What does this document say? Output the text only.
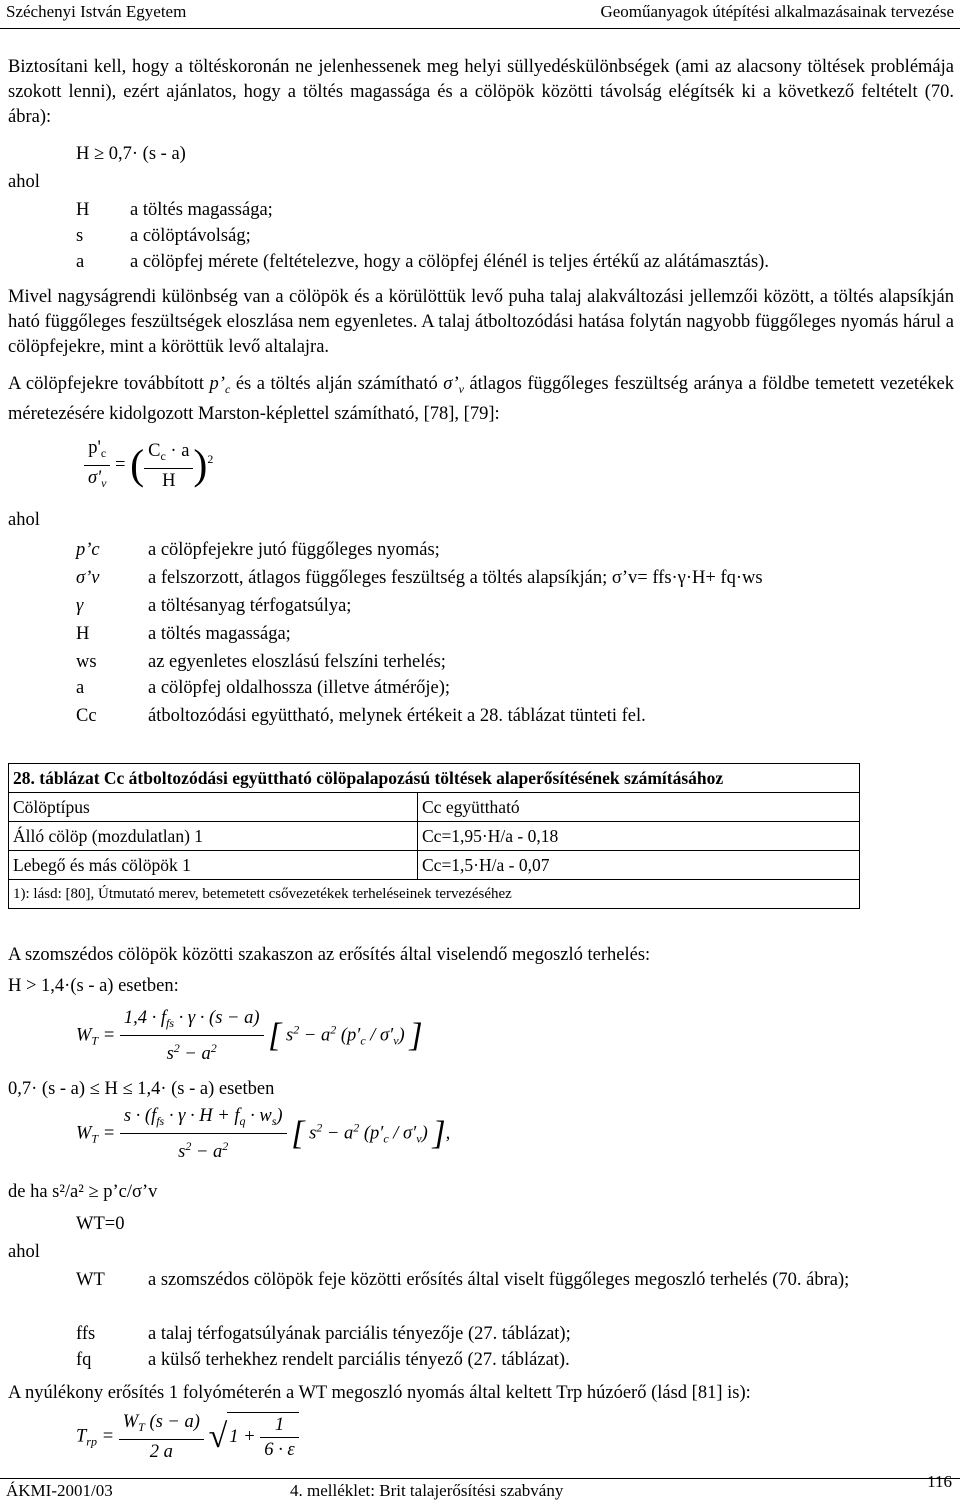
Széchenyi István Egyetem	Geoműanyagok útépítési alkalmazásainak tervezése
Biztosítani kell, hogy a töltéskoronán ne jelenhessenek meg helyi süllyedéskülönbségek (ami az alacsony töltések problémája szokott lenni), ezért ajánlatos, hogy a töltés magassága és a cölöpök közötti távolság elégítsék ki a következő feltételt (70. ábra):
H ≥ 0,7· (s - a)
ahol
H a töltés magassága;
s	a cölöptávolság;
a a cölöpfej mérete (feltételezve, hogy a cölöpfej élénél is teljes értékű az alátámasztás).
Mivel nagyságrendi különbség van a cölöpök és a körülöttük levő puha talaj alakváltozási jellemzői között, a töltés alapsíkján ható függőleges feszültségek eloszlása nem egyenletes. A talaj átboltozódási hatása folytán nagyobb függőleges nyomás hárul a cölöpfejekre, mint a köröttük levő altalajra.
A cölöpfejekre továbbított $p’_c$ és a töltés alján számítható $\sigma’_v$ átlagos függőleges feszültség aránya a földbe temetett vezetékek méretezésére kidolgozott Marston-képlettel számítható, [78], [79]:
$\frac{p'_c}{\sigma'_v}$ = ( $\frac{C_c \cdot a}{H} )^2$
ahol
p’c	a cölöpfejekre jutó függőleges nyomás;
σ’v	a felszorzott, átlagos függőleges feszültség a töltés alapsíkján; σ’v= ffs·γ·H+ fq·ws
γ	a töltésanyag térfogatsúlya;
H	a töltés magassága;
ws	az egyenletes eloszlású felszíni terhelés;
a	a cölöpfej oldalhossza (illetve átmérője);
Cc	átboltozódási együttható, melynek értékeit a 28. táblázat tünteti fel.
28. táblázat Cc átboltozódási együttható cölöpalapozású töltések alaperősítésének számításához	
Cölöptípus	Cc együttható
Álló cölöp (mozdulatlan) 1	Cc=1,95·H/a - 0,18
Lebegő és más cölöpök 1	Cc=1,5·H/a - 0,07
1): lásd: [80], Útmutató merev, betemetett csővezetékek terheléseinek tervezéséhez	
A szomszédos cölöpök közötti szakaszon az erősítés által viselendő megoszló terhelés:
H > 1,4·(s - a) esetben:
$W_T = \frac{1,4 \cdot f_{fs} \cdot \gamma \cdot (s - a)}{s^2 - a^2}$ [ $s^2 - a^2$ $(p'_c / \sigma'_v)$ ]
0,7· (s - a) ≤ H ≤ 1,4· (s - a) esetben
$W_T = \frac{s \cdot (f_{fs} \cdot \gamma \cdot H + f_q \cdot w_s)}{s^2 - a^2}$ [ $s^2 - a^2$ $(p'_c / \sigma'_v)$ ],
de ha s²/a² ≥ p’c/σ’v
WT=0
ahol
WT a szomszédos cölöpök feje közötti erősítés által viselt függőleges megoszló terhelés (70. ábra);
ffs	a talaj térfogatsúlyának parciális tényezője (27. táblázat);
fq	a külső terhekhez rendelt parciális tényező (27. táblázat).
A nyúlékony erősítés 1 folyóméterén a WT megoszló nyomás által keltett Trp húzóerő (lásd [81] is):
$T_{rp} = \frac{W_T (s - a)}{2 a}$ √ $1 + \frac{1}{6 \cdot \varepsilon}$
ÁKMI-2001/03	4. melléklet: Brit talajerősítési szabvány	116
